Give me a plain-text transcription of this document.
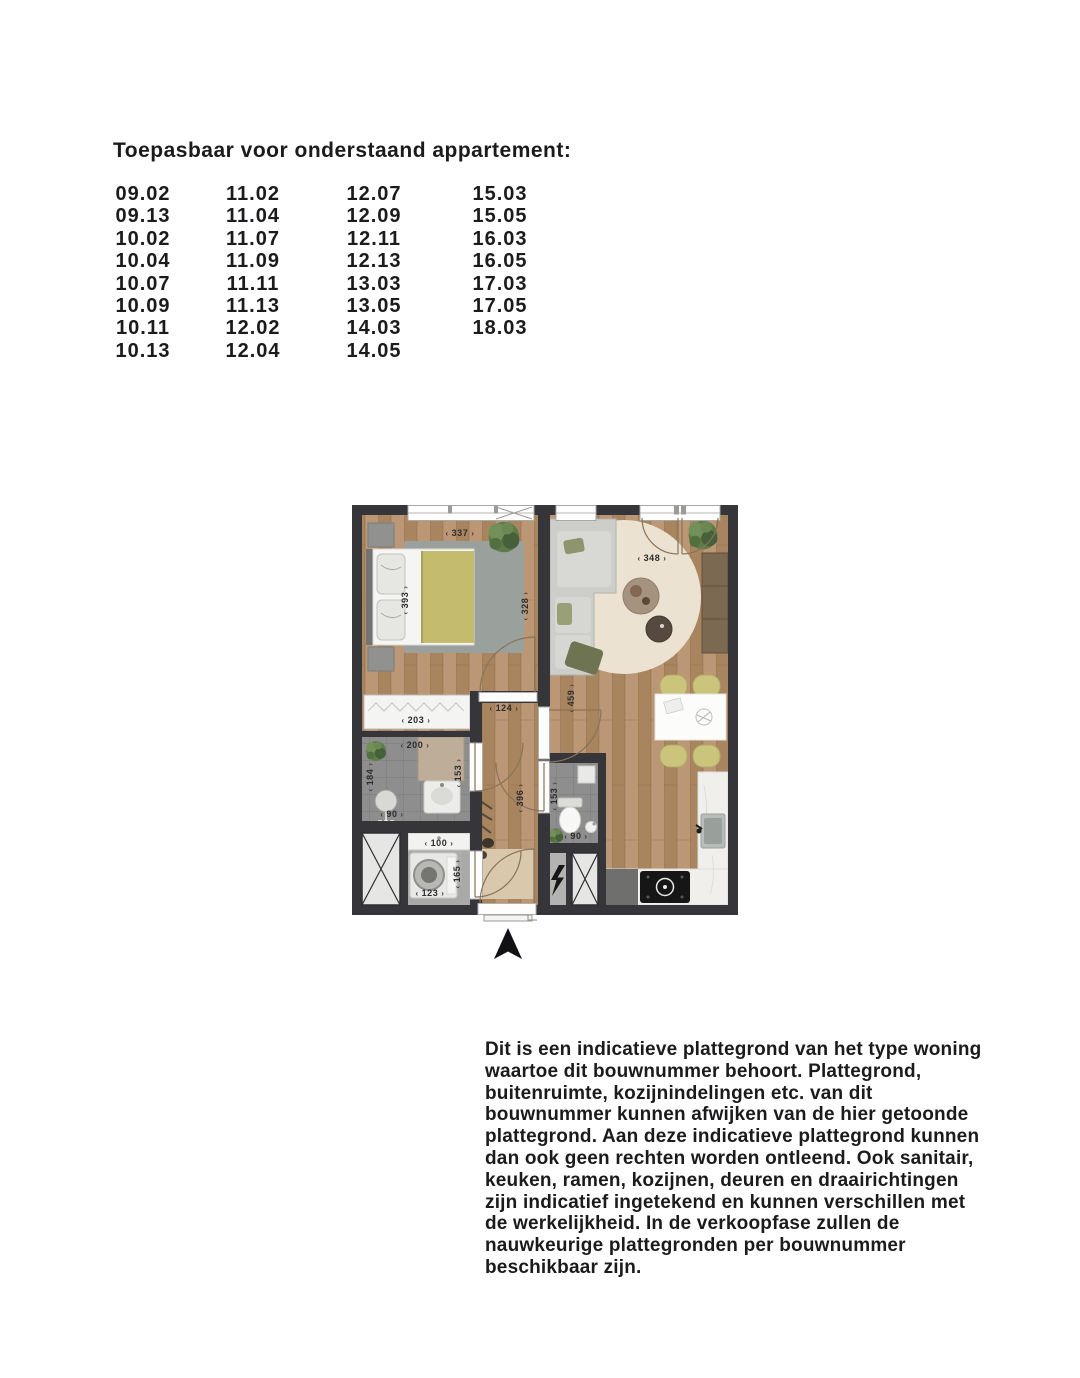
Toepasbaar voor onderstaand appartement:
09.02
09.13
10.02
10.04
10.07
10.09
10.11
10.13
11.02
11.04
11.07
11.09
11.11
11.13
12.02
12.04
12.07
12.09
12.11
12.13
13.03
13.05
14.03
14.05
15.03
15.05
16.03
16.05
17.03
17.05
18.03
‹ 337 ›
‹ 393 ›
‹ 328 ›
‹ 348 ›
‹ 459 ›
‹ 203 ›
‹ 200 ›
‹ 184 ›
‹ 153 ›
‹ 90 ›
‹ 100 ›
‹ 124 ›
‹ 396 ›
‹ 165 ›
‹ 123 ›
‹ 153 ›
‹ 90 ›
Dit is een indicatieve plattegrond van het type woning waartoe dit bouwnummer behoort. Plattegrond, buitenruimte, kozijnindelingen etc. van dit bouwnummer kunnen afwijken van de hier getoonde plattegrond. Aan deze indicatieve plattegrond kunnen dan ook geen rechten worden ontleend. Ook sanitair, keuken, ramen, kozijnen, deuren en draairichtingen zijn indicatief ingetekend en kunnen verschillen met de werkelijkheid. In de verkoopfase zullen de nauwkeurige plattegronden per bouwnummer beschikbaar zijn.
